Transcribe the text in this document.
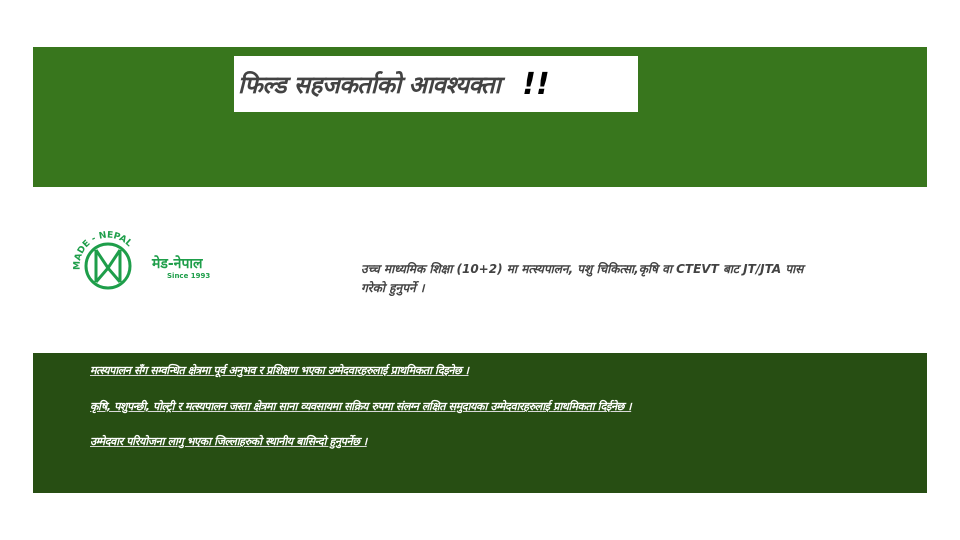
फिल्ड सहजकर्ताको आवश्यक्ता !!
MADE - NEPAL
मेड-नेपाल
Since 1993	उच्च माध्यमिक शिक्षा (10+2) मा मत्स्यपालन, पशु चिकित्सा,कृषि वा CTEVT बाट JT/JTA पास गरेको हुनुपर्ने ।
मत्स्यपालन सँग सम्वन्धित क्षेत्रमा पूर्व अनुभव र प्रशिक्षण भएका उम्मेदवारहरुलाई प्राथमिकता दिइनेछ ।
कृषि, पशुपन्छी, पोल्ट्री र मत्स्यपालन जस्ता क्षेत्रमा साना व्यवसायमा सक्रिय रुपमा संलग्न लक्षित समुदायका उम्मेदवारहरुलाई प्राथमिकता दिईनेछ ।
उम्मेदवार परियोजना लागु भएका जिल्लाहरुको स्थानीय बासिन्दो हुनुपर्नेछ ।
